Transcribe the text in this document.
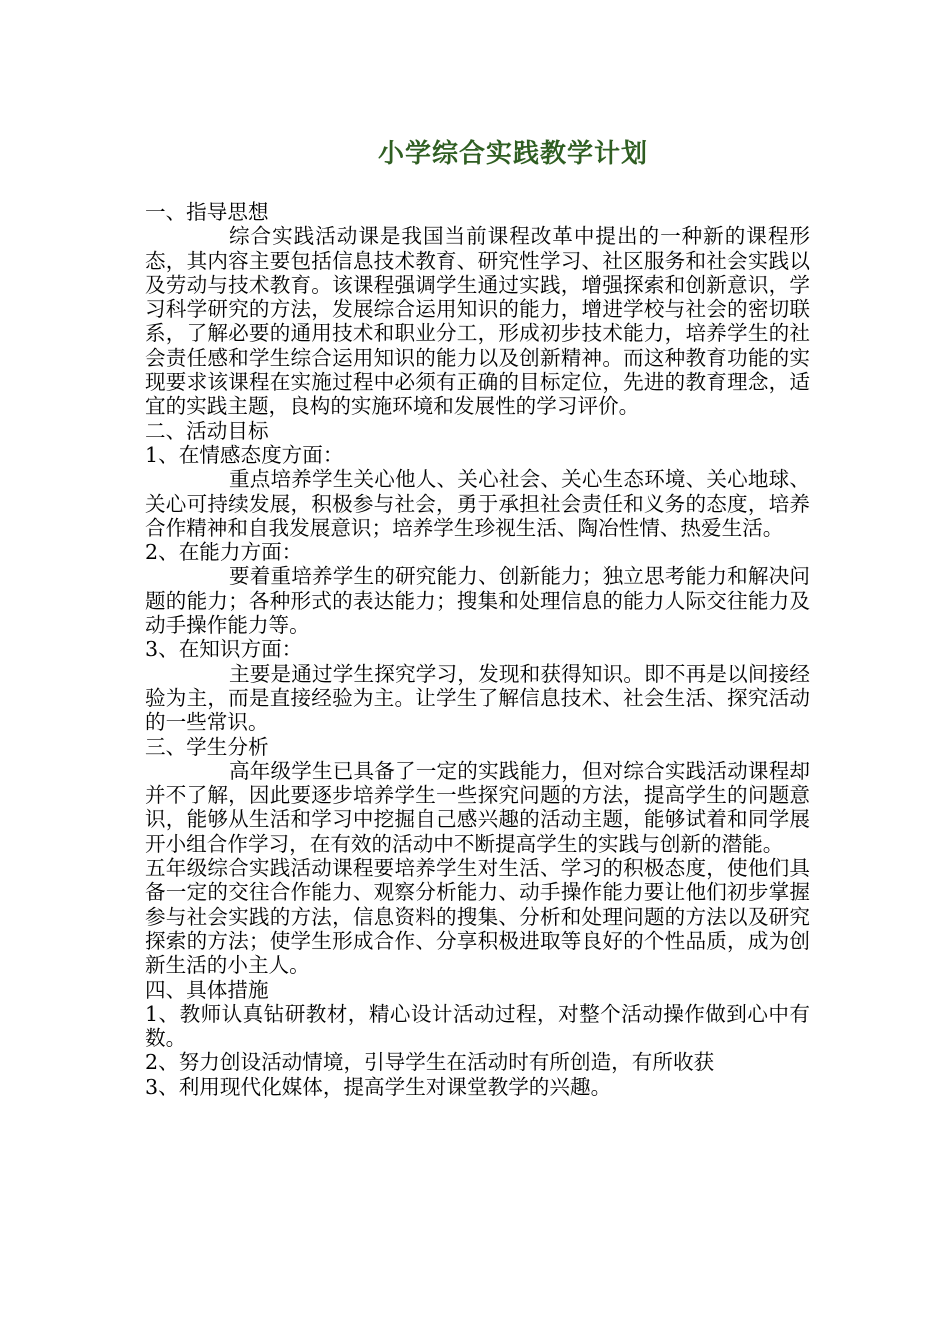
小学综合实践教学计划

一、指导思想

综合实践活动课是我国当前课程改革中提出的一种新的课程形态，其内容主要包括信息技术教育、研究性学习、社区服务和社会实践以及劳动与技术教育。该课程强调学生通过实践，增强探索和创新意识，学习科学研究的方法，发展综合运用知识的能力，增进学校与社会的密切联系，了解必要的通用技术和职业分工，形成初步技术能力，培养学生的社会责任感和学生综合运用知识的能力以及创新精神。而这种教育功能的实现要求该课程在实施过程中必须有正确的目标定位，先进的教育理念，适宜的实践主题，良构的实施环境和发展性的学习评价。

二、活动目标

1、在情感态度方面：

重点培养学生关心他人、关心社会、关心生态环境、关心地球、关心可持续发展，积极参与社会，勇于承担社会责任和义务的态度，培养合作精神和自我发展意识；培养学生珍视生活、陶冶性情、热爱生活。

2、在能力方面：

要着重培养学生的研究能力、创新能力；独立思考能力和解决问题的能力；各种形式的表达能力；搜集和处理信息的能力人际交往能力及动手操作能力等。

3、在知识方面：

主要是通过学生探究学习，发现和获得知识。即不再是以间接经验为主，而是直接经验为主。让学生了解信息技术、社会生活、探究活动的一些常识。

三、学生分析

高年级学生已具备了一定的实践能力，但对综合实践活动课程却并不了解，因此要逐步培养学生一些探究问题的方法，提高学生的问题意识，能够从生活和学习中挖掘自己感兴趣的活动主题，能够试着和同学展开小组合作学习，在有效的活动中不断提高学生的实践与创新的潜能。

五年级综合实践活动课程要培养学生对生活、学习的积极态度，使他们具备一定的交往合作能力、观察分析能力、动手操作能力要让他们初步掌握参与社会实践的方法，信息资料的搜集、分析和处理问题的方法以及研究探索的方法；使学生形成合作、分享积极进取等良好的个性品质，成为创新生活的小主人。

四、具体措施

1、教师认真钻研教材，精心设计活动过程，对整个活动操作做到心中有数。

2、努力创设活动情境，引导学生在活动时有所创造，有所收获

3、利用现代化媒体，提高学生对课堂教学的兴趣。
